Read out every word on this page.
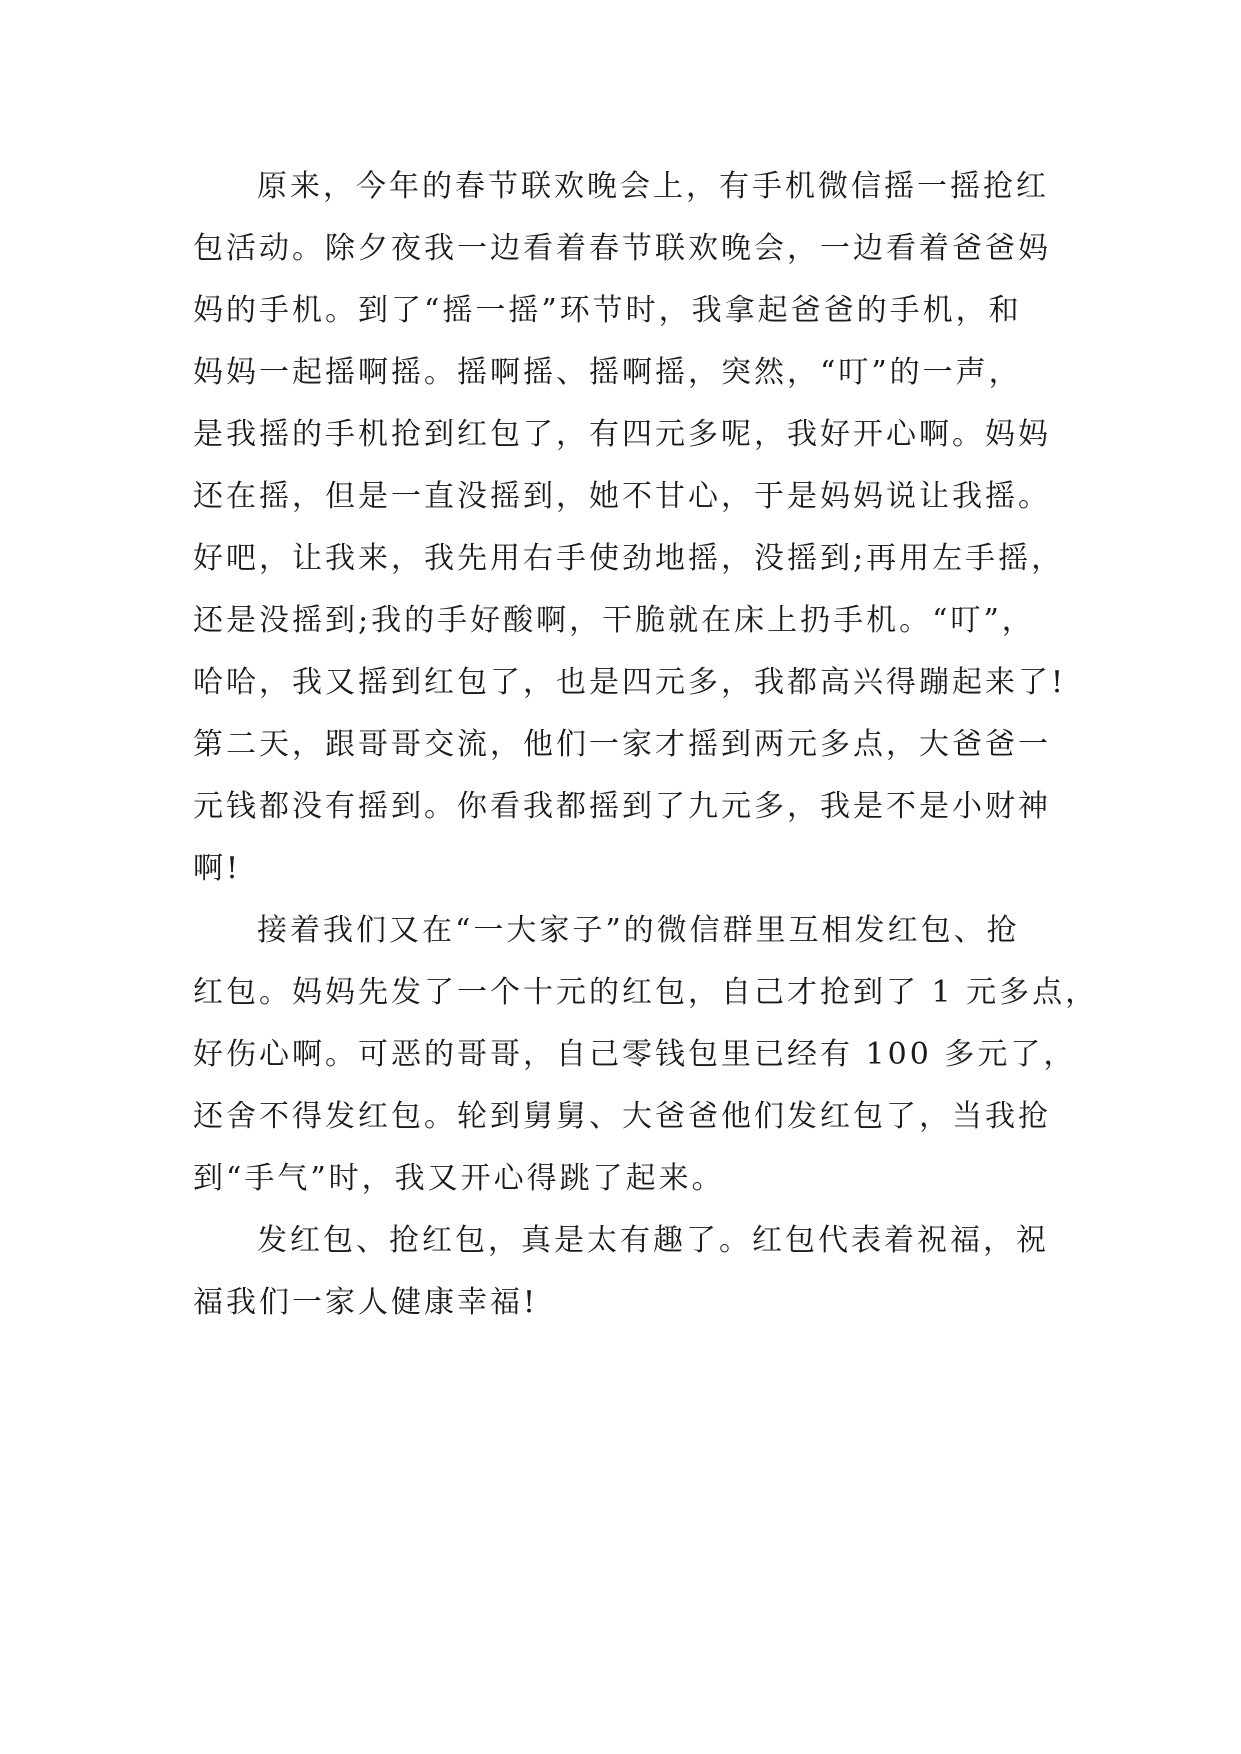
原来，今年的春节联欢晚会上，有手机微信摇一摇抢红
包活动。除夕夜我一边看着春节联欢晚会，一边看着爸爸妈
妈的手机。到了“摇一摇”环节时，我拿起爸爸的手机，和
妈妈一起摇啊摇。摇啊摇、摇啊摇，突然，“叮”的一声，
是我摇的手机抢到红包了，有四元多呢，我好开心啊。妈妈
还在摇，但是一直没摇到，她不甘心，于是妈妈说让我摇。
好吧，让我来，我先用右手使劲地摇，没摇到;再用左手摇，
还是没摇到;我的手好酸啊，干脆就在床上扔手机。“叮”，
哈哈，我又摇到红包了，也是四元多，我都高兴得蹦起来了!
第二天，跟哥哥交流，他们一家才摇到两元多点，大爸爸一
元钱都没有摇到。你看我都摇到了九元多，我是不是小财神
啊!
接着我们又在“一大家子”的微信群里互相发红包、抢
红包。妈妈先发了一个十元的红包，自己才抢到了 1 元多点，
好伤心啊。可恶的哥哥，自己零钱包里已经有 100 多元了，
还舍不得发红包。轮到舅舅、大爸爸他们发红包了，当我抢
到“手气”时，我又开心得跳了起来。
发红包、抢红包，真是太有趣了。红包代表着祝福，祝
福我们一家人健康幸福!
